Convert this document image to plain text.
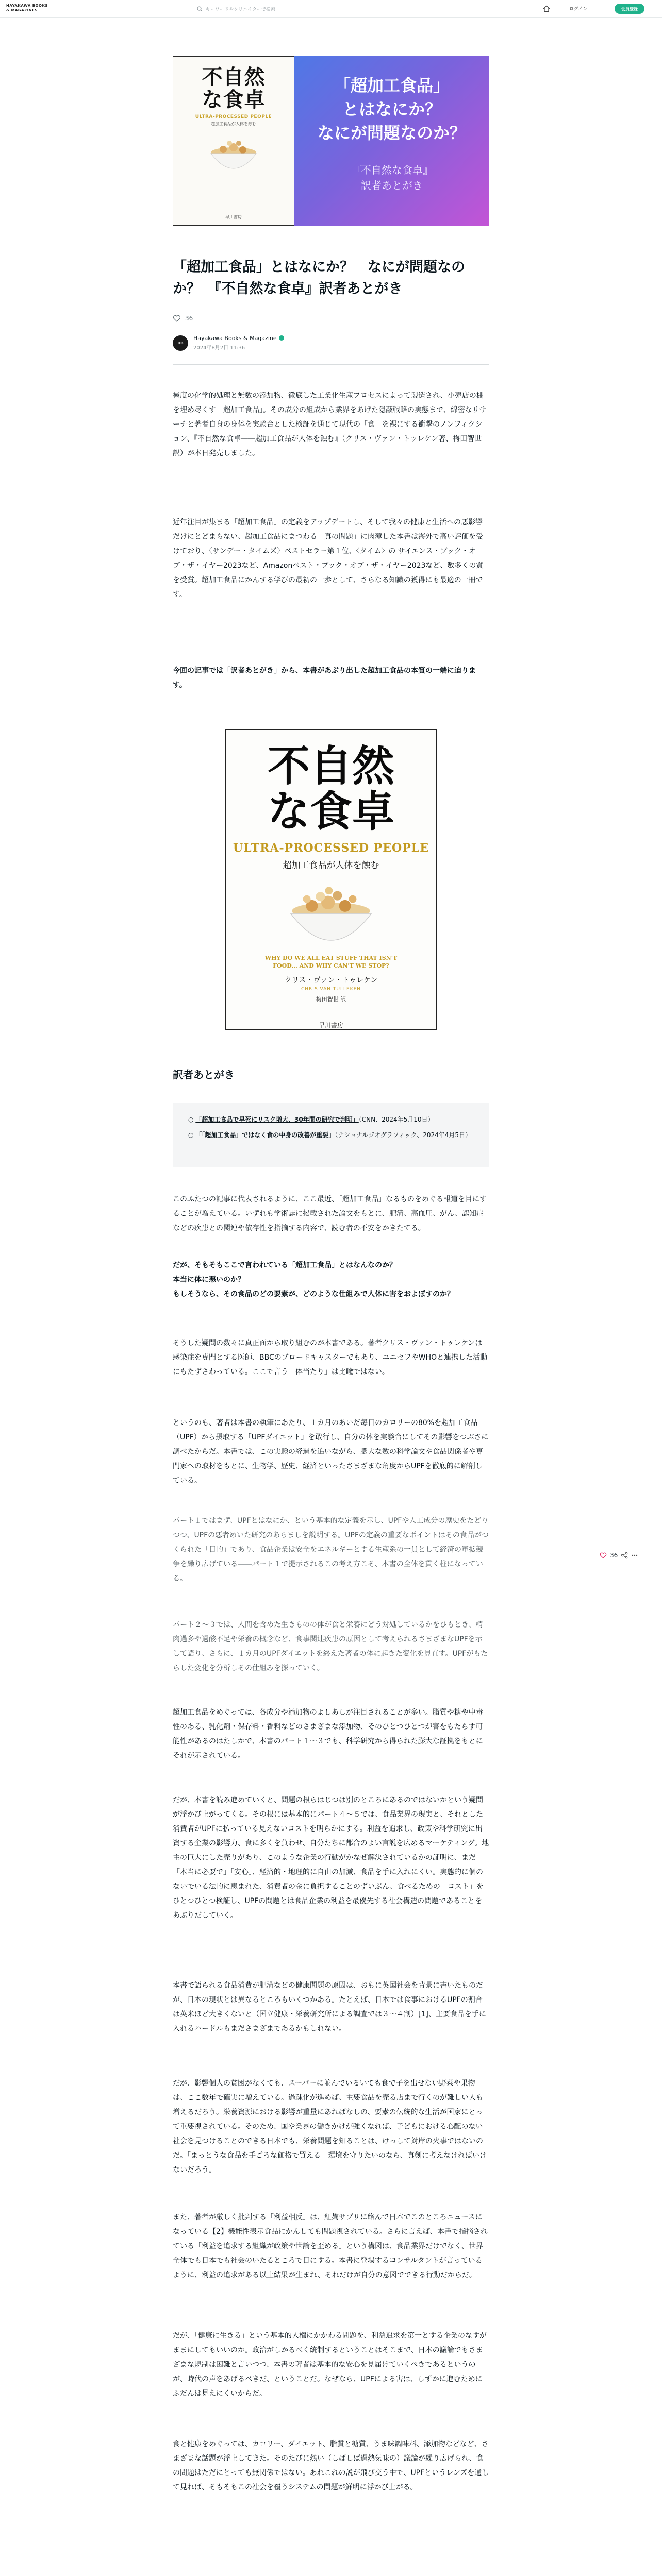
HAYAKAWA BOOKS
& MAGAZINES	キーワードやクリエイターで検索	ログイン	会員登録
不自然な食卓
ULTRA-PROCESSED PEOPLE
超加工食品が人体を蝕む
早川書房
「超加工食品」
とはなにか？
なにが問題なのか？
『不自然な食卓』
訳者あとがき
「超加工食品」とはなにか？　なにが問題なのか？　『不自然な食卓』訳者あとがき
36
HB
Hayakawa Books & Magazine
2024年8月2日 11:36

極度の化学的処理と無数の添加物、徹底した工業化生産プロセスによって製造され、小売店の棚を埋め尽くす「超加工食品」。その成分の組成から業界をあげた隠蔽戦略の実態まで、綿密なリサーチと著者自身の身体を実験台とした検証を通じて現代の「食」を裸にする衝撃のノンフィクション、『不自然な食卓――超加工食品が人体を蝕む』（クリス・ヴァン・トゥレケン著、梅田智世訳）が本日発売しました。

近年注目が集まる「超加工食品」の定義をアップデートし、そして我々の健康と生活への悪影響だけにとどまらない、超加工食品にまつわる「真の問題」に肉薄した本書は海外で高い評価を受けており、〈サンデー・タイムズ〉ベストセラー第１位、〈タイム〉の サイエンス・ブック・オブ・ザ・イヤー2023など、Amazonベスト・ブック・オブ・ザ・イヤー2023など、数多くの賞を受賞。超加工食品にかんする学びの最初の一歩として、さらなる知識の獲得にも最適の一冊です。

今回の記事では「訳者あとがき」から、本書があぶり出した超加工食品の本質の一端に迫ります。

不自然な食卓
ULTRA-PROCESSED PEOPLE
超加工食品が人体を蝕む
WHY DO WE ALL EAT STUFF THAT ISN'T FOOD... AND WHY CAN'T WE STOP?
クリス・ヴァン・トゥレケン
CHRIS VAN TULLEKEN
梅田智世 訳
早川書房
訳者あとがき
○ 「超加工食品で早死にリスク増大、30年間の研究で判明」（CNN、2024年5月10日）
○ 「「超加工食品」ではなく食の中身の改善が重要」（ナショナルジオグラフィック、2024年4月5日）

このふたつの記事に代表されるように、ここ最近、「超加工食品」なるものをめぐる報道を目にすることが増えている。いずれも学術誌に掲載された論文をもとに、肥満、高血圧、がん、認知症などの疾患との関連や依存性を指摘する内容で、読む者の不安をかきたてる。

だが、そもそもここで言われている「超加工食品」とはなんなのか？
本当に体に悪いのか？
もしそうなら、その食品のどの要素が、どのような仕組みで人体に害をおよぼすのか？

そうした疑問の数々に真正面から取り組むのが本書である。著者クリス・ヴァン・トゥレケンは感染症を専門とする医師、BBCのブロードキャスターでもあり、ユニセフやWHOと連携した活動にもたずさわっている。ここで言う「体当たり」は比喩ではない。

というのも、著者は本書の執筆にあたり、１カ月のあいだ毎日のカロリーの80%を超加工食品（UPF）から摂取する「UPFダイエット」を敢行し、自分の体を実験台にしてその影響をつぶさに調べたからだ。本書では、この実験の経過を追いながら、膨大な数の科学論文や食品関係者や専門家への取材をもとに、生物学、歴史、経済といったさまざまな角度からUPFを徹底的に解剖している。

パート１ではまず、UPFとはなにか、という基本的な定義を示し、UPFや人工成分の歴史をたどりつつ、UPFの悪者めいた研究のあらましを説明する。UPFの定義の重要なポイントはその食品がつくられた「目的」であり、食品企業は安全をエネルギーとする生産系の一員として経済の軍拡競争を繰り広げている――パート１で提示されるこの考え方こそ、本書の全体を貫く柱になっている。

パート２～３では、人間を含めた生きものの体が食と栄養にどう対処しているかをひもとき、精肉過多や過酸不足や栄養の概念など、食事関連疾患の原因として考えられるさまざまなUPFを示して語り、さらに、１カ月のUPFダイエットを終えた著者の体に起きた変化を見直す。UPFがもたらした変化を分析しその仕組みを探っていく。

超加工食品をめぐっては、各成分や添加物のよしあしが注目されることが多い。脂質や糖や中毒性のある、乳化剤・保存料・香料などのさまざまな添加物、そのひとつひとつが害をもたらす可能性があるのはたしかで、本書のパート１～３でも、科学研究から得られた膨大な証拠をもとにそれが示されている。

だが、本書を読み進めていくと、問題の根らはじつは別のところにあるのではないかという疑問が浮かび上がってくる。その根には基本的にパート４～５では、食品業界の現実と、それとした消費者がUPFに払っている見えないコストを明らかにする。利益を追求し、政策や科学研究に出資する企業の影響力、食に多くを負わせ、自分たちに都合のよい言説を広めるマーケティング。地主の巨大にした売りがあり、このような企業の行動がかなぜ解決されているかの証明に、まだ「本当に必要で」「安心」、経済的・地理的に自由の加減、食品を手に入れにくい。実態的に個のないでいる法的に恵まれた、消費者の金に負担することのずいぶん、食べるための「コスト」をひとつひとつ検証し、UPFの問題とは食品企業の利益を最優先する社会構造の問題であることをあぶりだしていく。

本書で語られる食品消費が肥満などの健康問題の原因は、おもに英国社会を背景に書いたものだが、日本の現状とは異なるところもいくつかある。たとえば、日本では食事におけるUPFの割合は英米ほど大きくないと（国立健康・栄養研究所による調査では３～４割）[1]、主要食品を手に入れるハードルもまださまざまであるかもしれない。

だが、影響個人の貧困がなくても、スーパーに並んでいるいても食で子を出せない野菜や果物は、ここ数年で確実に増えている。過疎化が進めば、主要食品を売る店まで行くのが難しい人も増えるだろう。栄養資源における影響が重量にあればなしの、要素の伝統的な生活が国家にとって重要視されている。そのため、国や業界の働きかけが強くなれば、子どもにおける心配のない社会を見つけることのできる日本でも、栄養問題を知ることは、けっして対岸の火事ではないのだ。「まっとうな食品を手ごろな価格で買える」環境を守りたいのなら、真剣に考えなければいけないだろう。

また、著者が厳しく批判する「利益相反」は、紅麹サプリに絡んで日本でこのところニュースになっている【2】機能性表示食品にかんしても問題視されている。さらに言えば、本書で指摘されている「利益を追求する組織が政策や世論を歪める」という構図は、食品業界だけでなく、世界全体でも日本でも社会のいたるところで目にする。本書に登場するコンサルタントが言っているように、利益の追求がある以上結果が生まれ、それだけが自分の意図でできる行動だからだ。

だが、「健康に生きる」という基本的人権にかかわる問題を、利益追求を第一とする企業のなすがままにしてもいいのか。政治がしかるべく統制するということはそこまで、日本の議論でもさまざまな規制は困難と言いつつ、本書の著者は基本的な安心を見届けていくべきであるというのが、時代の声をあげるべきだ、ということだ。なぜなら、UPFによる害は、しずかに進むためにふだんは見えにくいからだ。

食と健康をめぐっては、カロリー、ダイエット、脂質と糖質、うま味調味料、添加物などなど、さまざまな話題が浮上してきた。そのたびに熱い（しばしば過熱気味の）議論が繰り広げられ、食の問題はただにとっても無関係ではない。あれこれの説が飛び交う中で、UPFというレンズを通して見れば、そもそもこの社会を覆うシステムの問題が鮮明に浮かび上がる。

36
